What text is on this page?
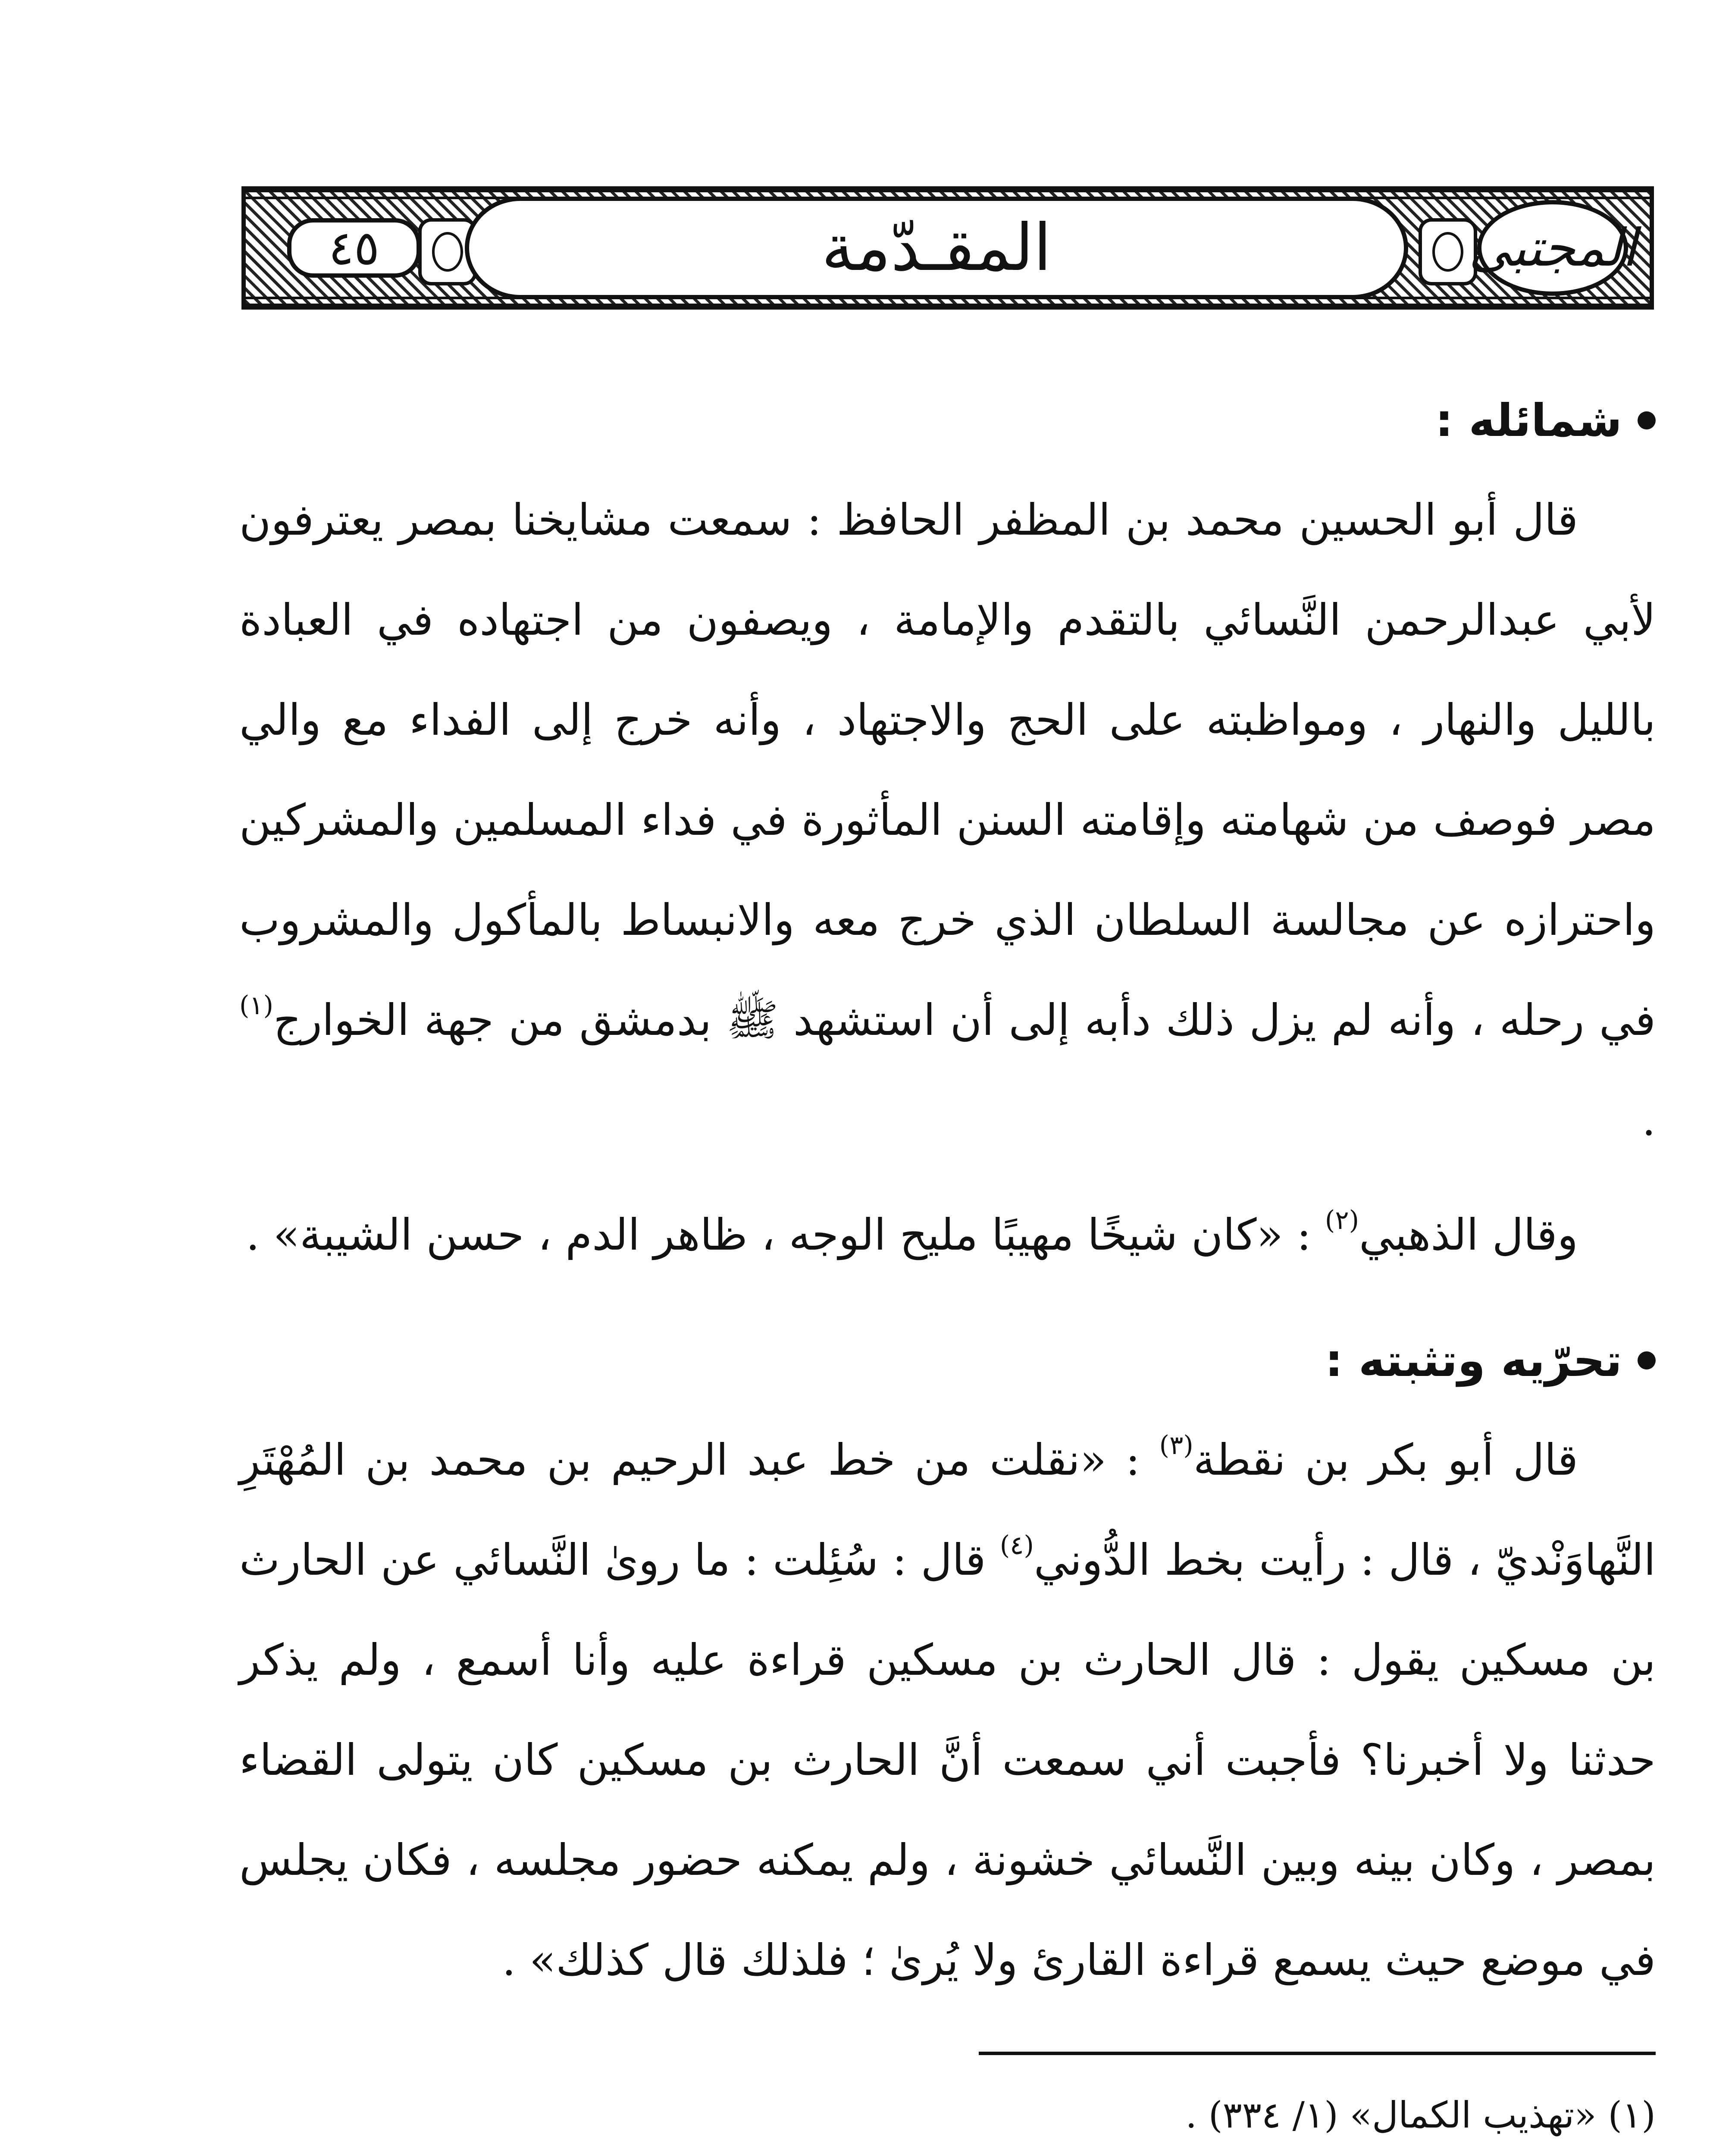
٤٥	المقـدّمة	المجتبى
شمائله :

قال أبو الحسين محمد بن المظفر الحافظ : سمعت مشايخنا بمصر يعترفون لأبي عبدالرحمن النَّسائي بالتقدم والإمامة ، ويصفون من اجتهاده في العبادة بالليل والنهار ، ومواظبته على الحج والاجتهاد ، وأنه خرج إلى الفداء مع والي مصر فوصف من شهامته وإقامته السنن المأثورة في فداء المسلمين والمشركين واحترازه عن مجالسة السلطان الذي خرج معه والانبساط بالمأكول والمشروب في رحله ، وأنه لم يزل ذلك دأبه إلى أن استشهد ﷺ بدمشق من جهة الخوارج$^{(١)}$ .

وقال الذهبي$^{(٢)}$ : «كان شيخًا مهيبًا مليح الوجه ، ظاهر الدم ، حسن الشيبة» .

تحرّيه وتثبته :

قال أبو بكر بن نقطة$^{(٣)}$ : «نقلت من خط عبد الرحيم بن محمد بن المُهْتَرِ النَّهاوَنْديّ ، قال : رأيت بخط الدُّوني$^{(٤)}$ قال : سُئِلت : ما روىٰ النَّسائي عن الحارث بن مسكين يقول : قال الحارث بن مسكين قراءة عليه وأنا أسمع ، ولم يذكر حدثنا ولا أخبرنا؟ فأجبت أني سمعت أنَّ الحارث بن مسكين كان يتولى القضاء بمصر ، وكان بينه وبين النَّسائي خشونة ، ولم يمكنه حضور مجلسه ، فكان يجلس في موضع حيث يسمع قراءة القارئ ولا يُرىٰ ؛ فلذلك قال كذلك» .

(١) «تهذيب الكمال» (١/ ٣٣٤) .
